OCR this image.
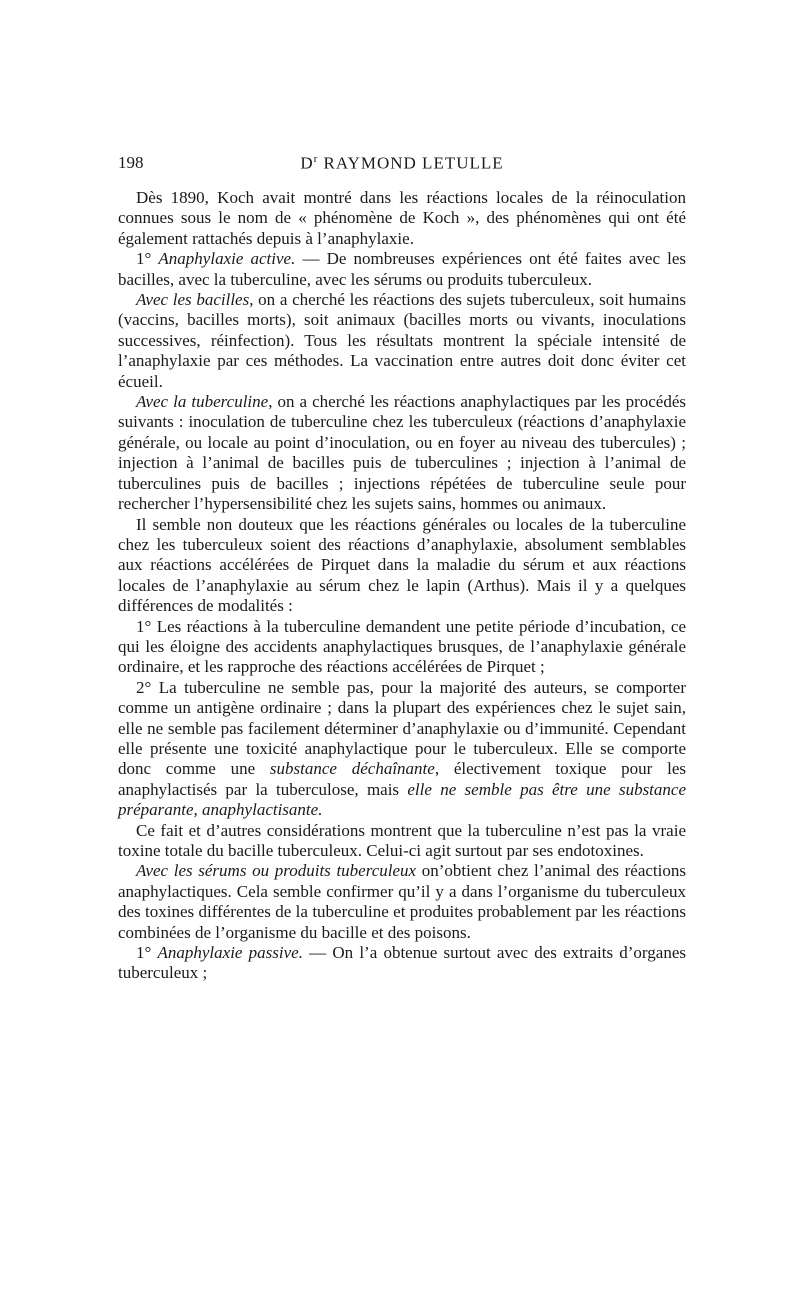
198	$D^r$ RAYMOND LETULLE

Dès 1890, Koch avait montré dans les réactions locales de la réinoculation connues sous le nom de « phénomène de Koch », des phénomènes qui ont été également rattachés depuis à l’anaphylaxie.

1° Anaphylaxie active. — De nombreuses expériences ont été faites avec les bacilles, avec la tuberculine, avec les sérums ou produits tuberculeux.

Avec les bacilles, on a cherché les réactions des sujets tuberculeux, soit humains (vaccins, bacilles morts), soit animaux (bacilles morts ou vivants, inoculations successives, réinfection). Tous les résultats montrent la spéciale intensité de l’anaphylaxie par ces méthodes. La vaccination entre autres doit donc éviter cet écueil.

Avec la tuberculine, on a cherché les réactions anaphylactiques par les procédés suivants : inoculation de tuberculine chez les tuberculeux (réactions d’anaphylaxie générale, ou locale au point d’inoculation, ou en foyer au niveau des tubercules) ; injection à l’animal de bacilles puis de tuberculines ; injection à l’animal de tuberculines puis de bacilles ; injections répétées de tuberculine seule pour rechercher l’hypersensibilité chez les sujets sains, hommes ou animaux.

Il semble non douteux que les réactions générales ou locales de la tuberculine chez les tuberculeux soient des réactions d’anaphylaxie, absolument semblables aux réactions accélérées de Pirquet dans la maladie du sérum et aux réactions locales de l’anaphylaxie au sérum chez le lapin (Arthus). Mais il y a quelques différences de modalités :

1° Les réactions à la tuberculine demandent une petite période d’incubation, ce qui les éloigne des accidents anaphylactiques brusques, de l’anaphylaxie générale ordinaire, et les rapproche des réactions accélérées de Pirquet ;

2° La tuberculine ne semble pas, pour la majorité des auteurs, se comporter comme un antigène ordinaire ; dans la plupart des expériences chez le sujet sain, elle ne semble pas facilement déterminer d’anaphylaxie ou d’immunité. Cependant elle présente une toxicité anaphylactique pour le tuberculeux. Elle se comporte donc comme une substance déchaînante, électivement toxique pour les anaphylactisés par la tuberculose, mais elle ne semble pas être une substance préparante, anaphylactisante.

Ce fait et d’autres considérations montrent que la tuberculine n’est pas la vraie toxine totale du bacille tuberculeux. Celui-ci agit surtout par ses endotoxines.

Avec les sérums ou produits tuberculeux on’obtient chez l’animal des réactions anaphylactiques. Cela semble confirmer qu’il y a dans l’organisme du tuberculeux des toxines différentes de la tuberculine et produites probablement par les réactions combinées de l’organisme du bacille et des poisons.

1° Anaphylaxie passive. — On l’a obtenue surtout avec des extraits d’organes tuberculeux ;
